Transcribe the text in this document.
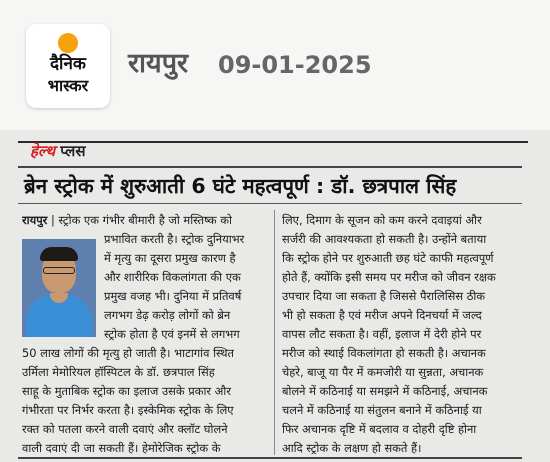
दैनिक
भास्कर
रायपुर 09-01-2025
हेल्थ प्लस
ब्रेन स्ट्रोक में शुरुआती 6 घंटे महत्वपूर्ण : डॉ. छत्रपाल सिंह
रायपुर | स्ट्रोक एक गंभीर बीमारी है जो मस्तिष्क को
प्रभावित करती है। स्ट्रोक दुनियाभर
में मृत्यु का दूसरा प्रमुख कारण है
और शारीरिक विकलांगता की एक
प्रमुख वजह भी। दुनिया में प्रतिवर्ष
लगभग डेढ़ करोड़ लोगों को ब्रेन
स्ट्रोक होता है एवं इनमें से लगभग
50 लाख लोगों की मृत्यु हो जाती है। भाटागांव स्थित
उर्मिला मेमोरियल हॉस्पिटल के डॉ. छत्रपाल सिंह
साहू के मुताबिक स्ट्रोक का इलाज उसके प्रकार और
गंभीरता पर निर्भर करता है। इस्केमिक स्ट्रोक के लिए
रक्त को पतला करने वाली दवाएं और क्लॉट घोलने
वाली दवाएं दी जा सकती हैं। हेमोरेजिक स्ट्रोक के
लिए, दिमाग के सूजन को कम करने दवाइयां और
सर्जरी की आवश्यकता हो सकती है। उन्होंने बताया
कि स्ट्रोक होने पर शुरुआती छह घंटे काफी महत्वपूर्ण
होते हैं, क्योंकि इसी समय पर मरीज को जीवन रक्षक
उपचार दिया जा सकता है जिससे पैरालिसिस ठीक
भी हो सकता है एवं मरीज अपने दिनचर्या में जल्द
वापस लौट सकता है। वहीं, इलाज में देरी होने पर
मरीज को स्थाई विकलांगता हो सकती है। अचानक
चेहरे, बाजू या पैर में कमजोरी या सुन्नता, अचानक
बोलने में कठिनाई या समझने में कठिनाई, अचानक
चलने में कठिनाई या संतुलन बनाने में कठिनाई या
फिर अचानक दृष्टि में बदलाव व दोहरी दृष्टि होना
आदि स्ट्रोक के लक्षण हो सकते हैं।
